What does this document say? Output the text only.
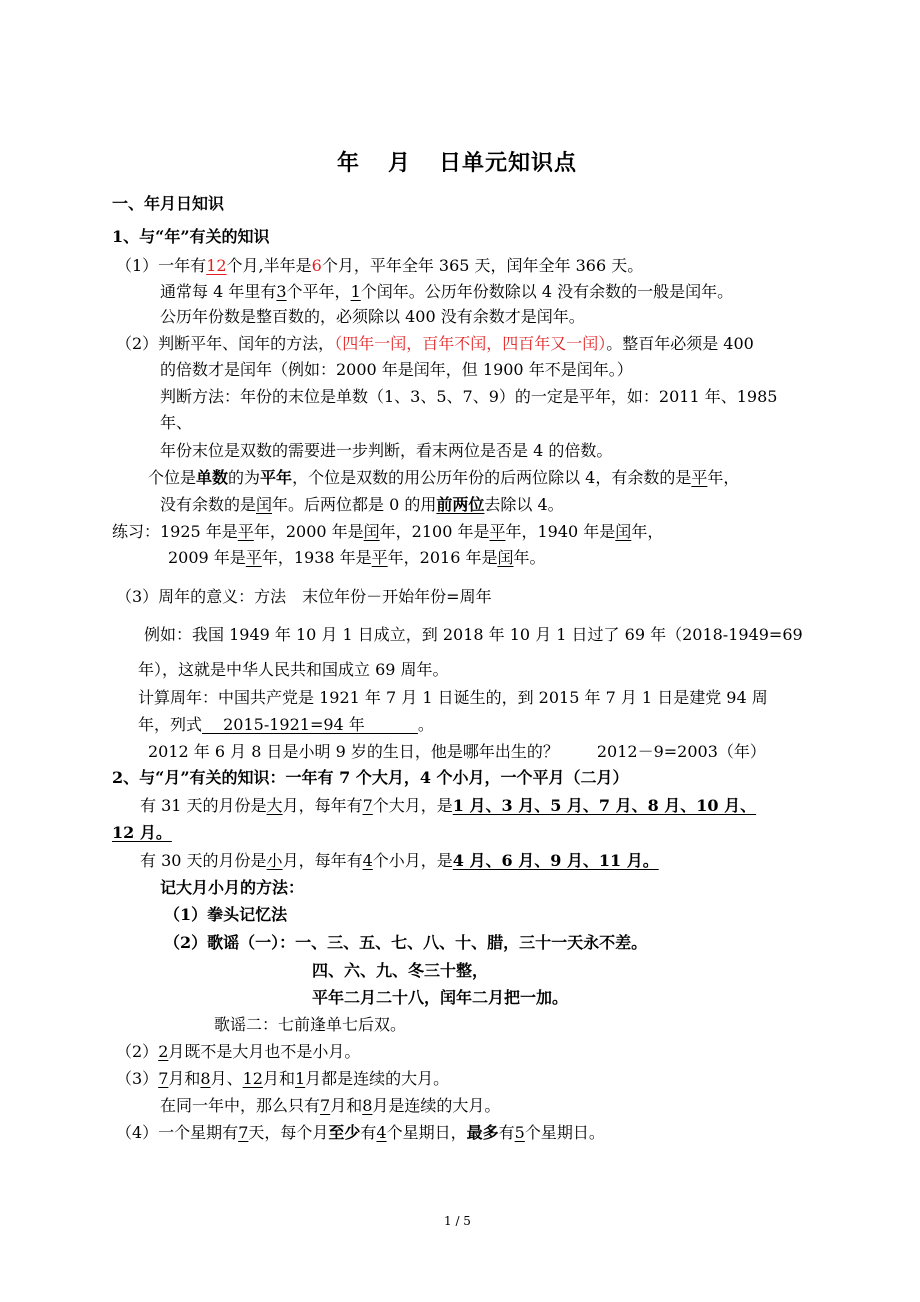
年 月 日单元知识点
一、年月日知识
1、与“年”有关的知识
（1）一年有12个月,半年是6个月，平年全年 365 天，闰年全年 366 天。
通常每 4 年里有3个平年，1个闰年。公历年份数除以 4 没有余数的一般是闰年。
公历年份数是整百数的，必须除以 400 没有余数才是闰年。
（2）判断平年、闰年的方法，（四年一闰，百年不闰，四百年又一闰）。整百年必须是 400
的倍数才是闰年（例如：2000 年是闰年，但 1900 年不是闰年。）
判断方法：年份的末位是单数（1、3、5、7、9）的一定是平年，如：2011 年、1985
年、
年份末位是双数的需要进一步判断，看末两位是否是 4 的倍数。
个位是单数的为平年，个位是双数的用公历年份的后两位除以 4，有余数的是平年，
没有余数的是闰年。后两位都是 0 的用前两位去除以 4。
练习：1925 年是平年，2000 年是闰年，2100 年是平年，1940 年是闰年，
2009 年是平年，1938 年是平年，2016 年是闰年。
（3）周年的意义：方法　末位年份－开始年份=周年
例如：我国 1949 年 10 月 1 日成立，到 2018 年 10 月 1 日过了 69 年（2018-1949=69
年），这就是中华人民共和国成立 69 周年。
计算周年：中国共产党是 1921 年 7 月 1 日诞生的，到 2015 年 7 月 1 日是建党 94 周
年，列式　 2015-1921=94 年　　　 。
2012 年 6 月 8 日是小明 9 岁的生日，他是哪年出生的？ 2012－9=2003（年）
2、与“月”有关的知识：一年有 7 个大月，4 个小月，一个平月（二月）
有 31 天的月份是大月，每年有7个大月，是1 月、3 月、5 月、7 月、8 月、10 月、
12 月。
有 30 天的月份是小月，每年有4个小月，是4 月、6 月、9 月、11 月。
记大月小月的方法：
（1）拳头记忆法
（2）歌谣（一）：一、三、五、七、八、十、腊，三十一天永不差。
四、六、九、冬三十整，
平年二月二十八，闰年二月把一加。
歌谣二：七前逢单七后双。
（2）2月既不是大月也不是小月。
（3）7月和8月、12月和1月都是连续的大月。
在同一年中，那么只有7月和8月是连续的大月。
（4）一个星期有7天，每个月至少有4个星期日，最多有5个星期日。
1 / 5
